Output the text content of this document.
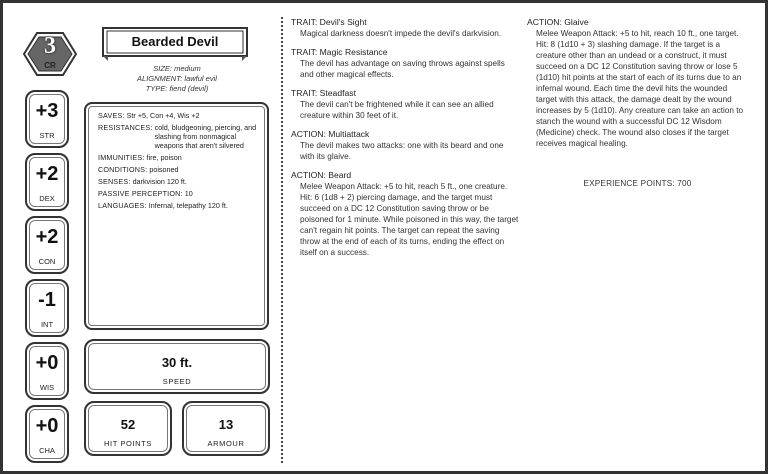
3
CR
Bearded Devil
SIZE: medium
ALIGNMENT: lawful evil
TYPE: fiend (devil)
+3
STR
+2
DEX
+2
CON
-1
INT
+0
WIS
+0
CHA
SAVES: Str +5, Con +4, Wis +2
RESISTANCES: cold, bludgeoning, piercing, and slashing from nonmagical weapons that aren't silvered
IMMUNITIES: fire, poison
CONDITIONS: poisoned
SENSES: darkvision 120 ft.
PASSIVE PERCEPTION: 10
LANGUAGES: Infernal, telepathy 120 ft.
30 ft.
SPEED
52
HIT POINTS
13
ARMOUR
TRAIT: Devil's Sight
Magical darkness doesn't impede the devil's darkvision.
TRAIT: Magic Resistance
The devil has advantage on saving throws against spells and other magical effects.
TRAIT: Steadfast
The devil can't be frightened while it can see an allied creature within 30 feet of it.
ACTION: Multiattack
The devil makes two attacks: one with its beard and one with its glaive.
ACTION: Beard
Melee Weapon Attack: +5 to hit, reach 5 ft., one creature. Hit: 6 (1d8 + 2) piercing damage, and the target must succeed on a DC 12 Constitution saving throw or be poisoned for 1 minute. While poisoned in this way, the target can't regain hit points. The target can repeat the saving throw at the end of each of its turns, ending the effect on itself on a success.
ACTION: Glaive
Melee Weapon Attack: +5 to hit, reach 10 ft., one target. Hit: 8 (1d10 + 3) slashing damage. If the target is a creature other than an undead or a construct, it must succeed on a DC 12 Constitution saving throw or lose 5 (1d10) hit points at the start of each of its turns due to an infernal wound. Each time the devil hits the wounded target with this attack, the damage dealt by the wound increases by 5 (1d10). Any creature can take an action to stanch the wound with a successful DC 12 Wisdom (Medicine) check. The wound also closes if the target receives magical healing.
EXPERIENCE POINTS: 700
